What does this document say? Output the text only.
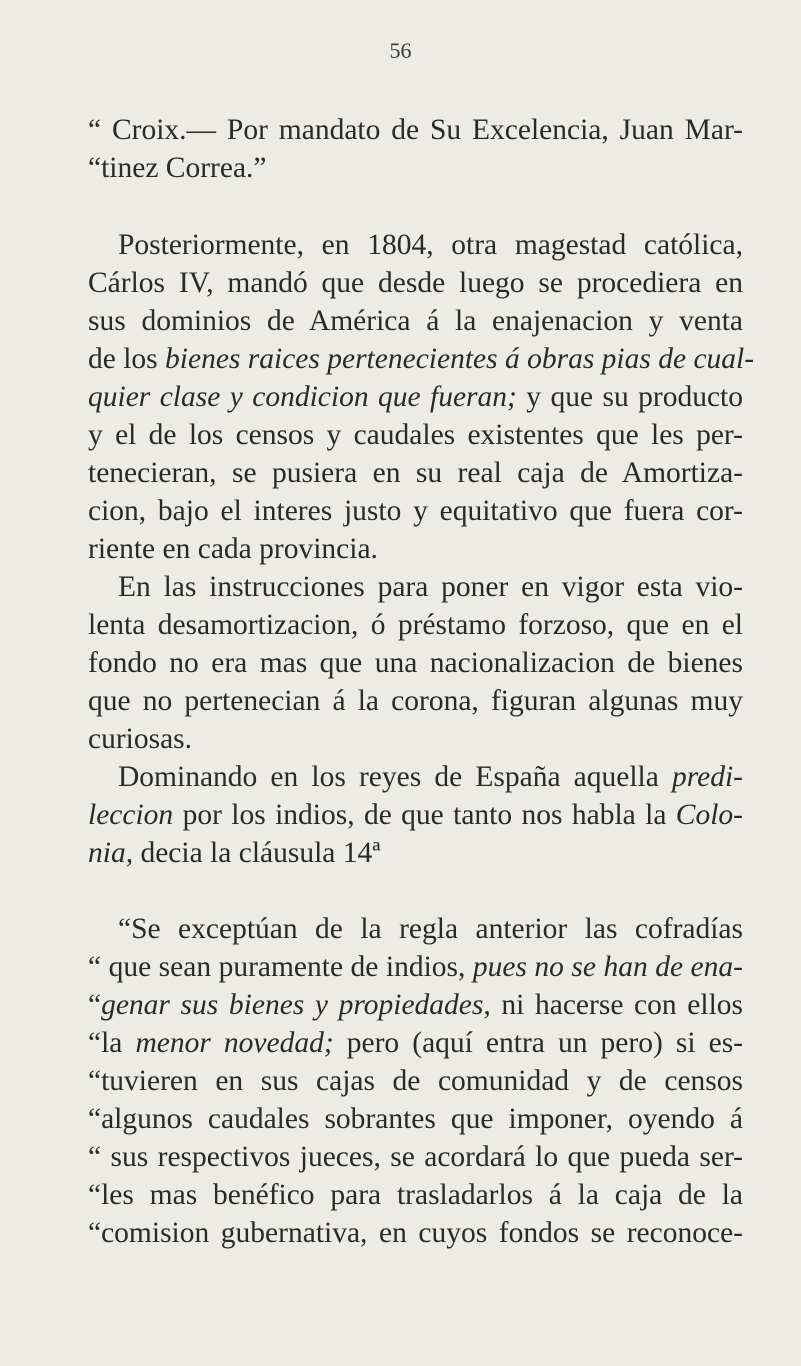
56
“ Croix.— Por mandato de Su Excelencia, Juan Mar-
“tinez Correa.”
Posteriormente, en 1804, otra magestad católica,
Cárlos IV, mandó que desde luego se procediera en
sus dominios de América á la enajenacion y venta
de los bienes raices pertenecientes á obras pias de cual-
quier clase y condicion que fueran; y que su producto
y el de los censos y caudales existentes que les per-
tenecieran, se pusiera en su real caja de Amortiza-
cion, bajo el interes justo y equitativo que fuera cor-
riente en cada provincia.
En las instrucciones para poner en vigor esta vio-
lenta desamortizacion, ó préstamo forzoso, que en el
fondo no era mas que una nacionalizacion de bienes
que no pertenecian á la corona, figuran algunas muy
curiosas.
Dominando en los reyes de España aquella predi-
leccion por los indios, de que tanto nos habla la Colo-
nia, decia la cláusula 14ª
“Se exceptúan de la regla anterior las cofradías
“ que sean puramente de indios, pues no se han de ena-
“genar sus bienes y propiedades, ni hacerse con ellos
“la menor novedad; pero (aquí entra un pero) si es-
“tuvieren en sus cajas de comunidad y de censos
“algunos caudales sobrantes que imponer, oyendo á
“ sus respectivos jueces, se acordará lo que pueda ser-
“les mas benéfico para trasladarlos á la caja de la
“comision gubernativa, en cuyos fondos se reconoce-
